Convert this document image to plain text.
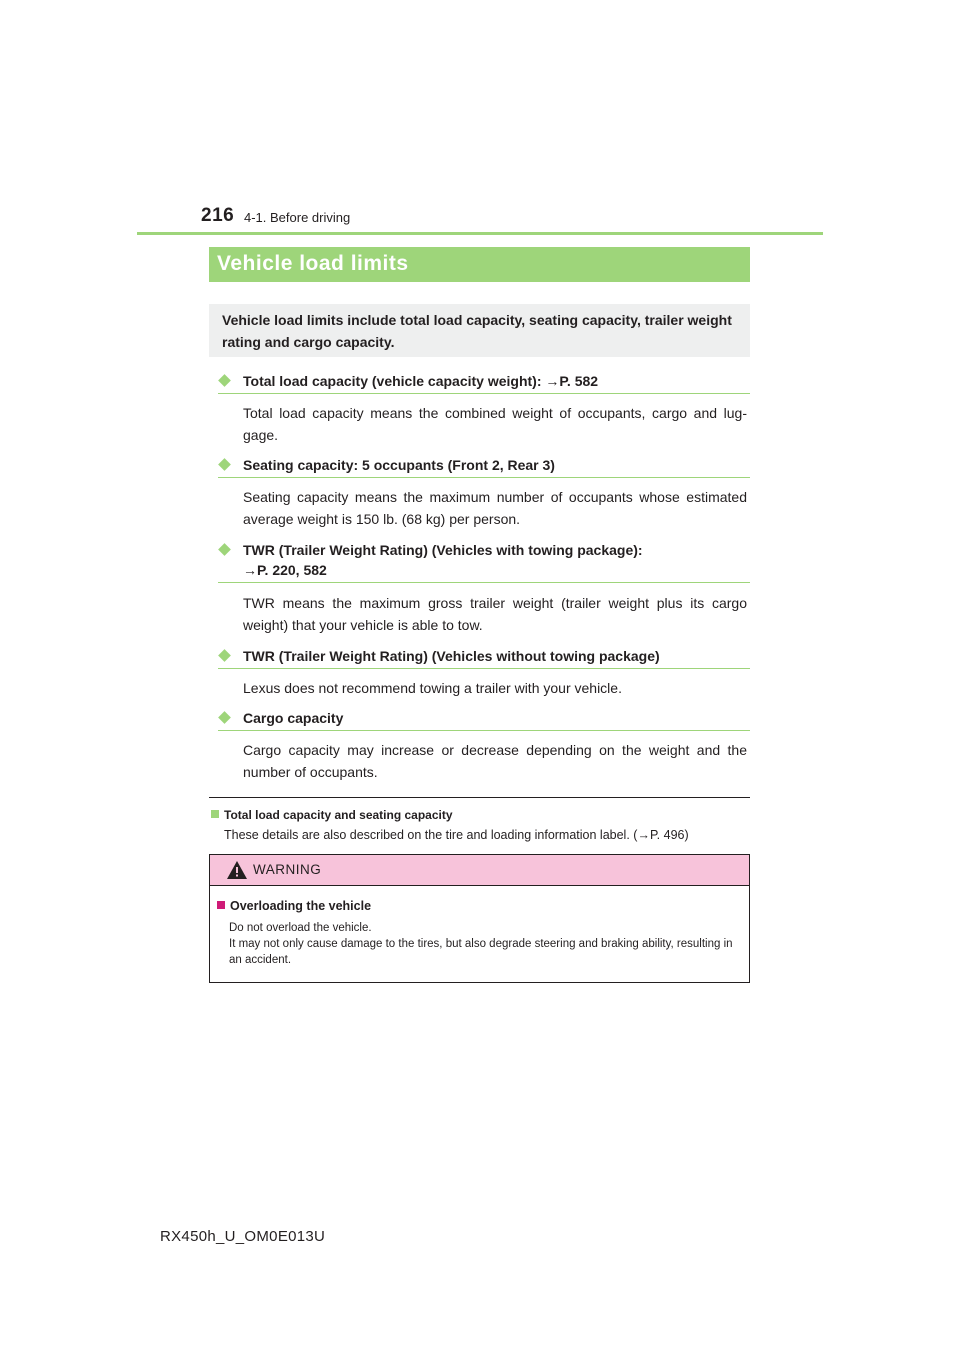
216 4-1. Before driving
Vehicle load limits
Vehicle load limits include total load capacity, seating capacity, trailer weight rating and cargo capacity.
Total load capacity (vehicle capacity weight): →P. 582
Total load capacity means the combined weight of occupants, cargo and lug-gage.
Seating capacity: 5 occupants (Front 2, Rear 3)
Seating capacity means the maximum number of occupants whose estimated average weight is 150 lb. (68 kg) per person.
TWR (Trailer Weight Rating) (Vehicles with towing package):
→P. 220, 582
TWR means the maximum gross trailer weight (trailer weight plus its cargo weight) that your vehicle is able to tow.
TWR (Trailer Weight Rating) (Vehicles without towing package)
Lexus does not recommend towing a trailer with your vehicle.
Cargo capacity
Cargo capacity may increase or decrease depending on the weight and the number of occupants.
Total load capacity and seating capacity
These details are also described on the tire and loading information label. (→P. 496)
WARNING
Overloading the vehicle
Do not overload the vehicle.
It may not only cause damage to the tires, but also degrade steering and braking ability, resulting in an accident.
RX450h_U_OM0E013U
